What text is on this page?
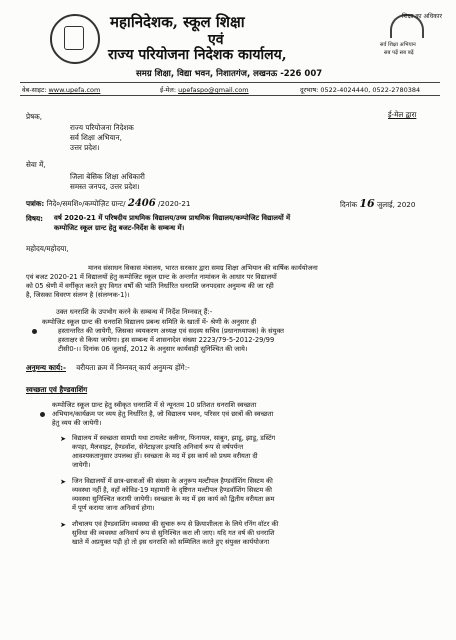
शिक्षा का अधिकार
सर्व शिक्षा अभियान
सब पढ़ें सब बढ़ें
महानिदेशक, स्कूल शिक्षा
एवं
राज्य परियोजना निदेशक कार्यालय,
समग्र शिक्षा, विद्या भवन, निशातगंज, लखनऊ -226 007
वेब-साइट: www.upefa.com	ई-मेल: upefaspo@gmail.com	दूरभाष: 0522-4024440, 0522-2780384
ई-मेल द्वारा
प्रेषक,
राज्य परियोजना निदेशक
सर्व शिक्षा अभियान,
उत्तर प्रदेश।
सेवा में,
जिला बेसिक शिक्षा अधिकारी
समस्त जनपद, उत्तर प्रदेश।
पत्रांक: निदे०/समशि०/कम्पोज़िट ग्रान्ट/ 2406 /2020-21	दिनांक 16 जुलाई, 2020
विषय: वर्ष 2020-21 में परिषदीय प्राथमिक विद्यालय/उच्च प्राथमिक विद्यालय/कम्पोजिट विद्यालयों में
कम्पोजिट स्कूल ग्रान्ट हेतु बजट-निर्देश के सम्बन्ध में।
महोदय/महोदया,
मानव संसाधन विकास मंत्रालय, भारत सरकार द्वारा समग्र शिक्षा अभियान की वार्षिक कार्ययोजना
एवं बजट 2020-21 में विद्यालयों हेतु कम्पोजिट स्कूल ग्रान्ट के अन्तर्गत नामांकन के आधार पर विद्यालयों
को 05 श्रेणी में वर्गीकृत करते हुए विगत वर्षों की भांति निर्धारित धनराशि जनपदवार अनुमन्य की जा रही
है, जिसका विवरण संलग्न है (संलग्नक-1)।
उक्त धनराशि के उपभोग करने के सम्बन्ध में निर्देश निम्नवत् हैं:-
कम्पोजिट स्कूल ग्रान्ट की धनराशि विद्यालय प्रबन्ध समिति के खातों में- श्रेणी के अनुसार ही
हस्तान्तरित की जायेगी, जिसका व्ययकरण अध्यक्ष एवं सदस्य सचिव (प्रधानाध्यापक) के संयुक्त
हस्ताक्षर से किया जायेगा। इस सम्बन्ध में शासनादेश संख्या 2223/79-5-2012-29/99
टीसी0-।। दिनांक 06 जुलाई, 2012 के अनुसार कार्यवाही सुनिश्चित की जाये।
अनुमन्य कार्य:- वरीयता क्रम में निम्नवत् कार्य अनुमन्य होंगे:-
स्वच्छता एवं हैण्डवाशिंग
कम्पोजिट स्कूल ग्रान्ट हेतु स्वीकृत धनराशि में से न्यूनतम 10 प्रतिशत धनराशि स्वच्छता
अभियान/कार्यक्रम पर व्यय हेतु निर्धारित है, जो विद्यालय भवन, परिसर एवं छात्रों की स्वच्छता
हेतु व्यय की जायेगी।
➤ विद्यालय में स्वच्छता सामग्री यथा टायलेट क्लीनर, फिनायल, साबुन, झाडू, झाडू, डस्टिंग
कपड़ा, मैलवाइट, हैण्डवॉश, सेनेटाइजर इत्यादि अनिवार्य रूप से वर्षपर्यन्त
आवश्यकतानुसार उपलब्ध हों। स्वच्छता के मद में इस कार्य को प्रथम वरीयता दी
जायेगी।
➤ जिन विद्यालयों में छात्र-छात्राओं की संख्या के अनुरूप मल्टीपल हैण्डवॉशिंग सिस्टम की
व्यवस्था नहीं है, वहाँ कोविड-19 महामारी के दृष्टिगत मल्टीपल हैण्डवॉशिंग सिस्टम की
व्यवस्था सुनिश्चित करायी जायेगी। स्वच्छता के मद में इस कार्य को द्वितीय वरीयता क्रम
में पूर्ण कराया जाना अनिवार्य होगा।
➤ शौचालय एवं हैण्डवाशिंग व्यवस्था की सुचारु रूप से क्रियाशीलता के लिये रनिंग वॉटर की
सुविधा की व्यवस्था अनिवार्य रूप से सुनिश्चित करा ली जाए। यदि गत वर्ष की धनराशि
खाते में अप्रयुक्त पड़ी हो तो इस धनराशि को सम्मिलित करते हुए संयुक्त कार्ययोजना
